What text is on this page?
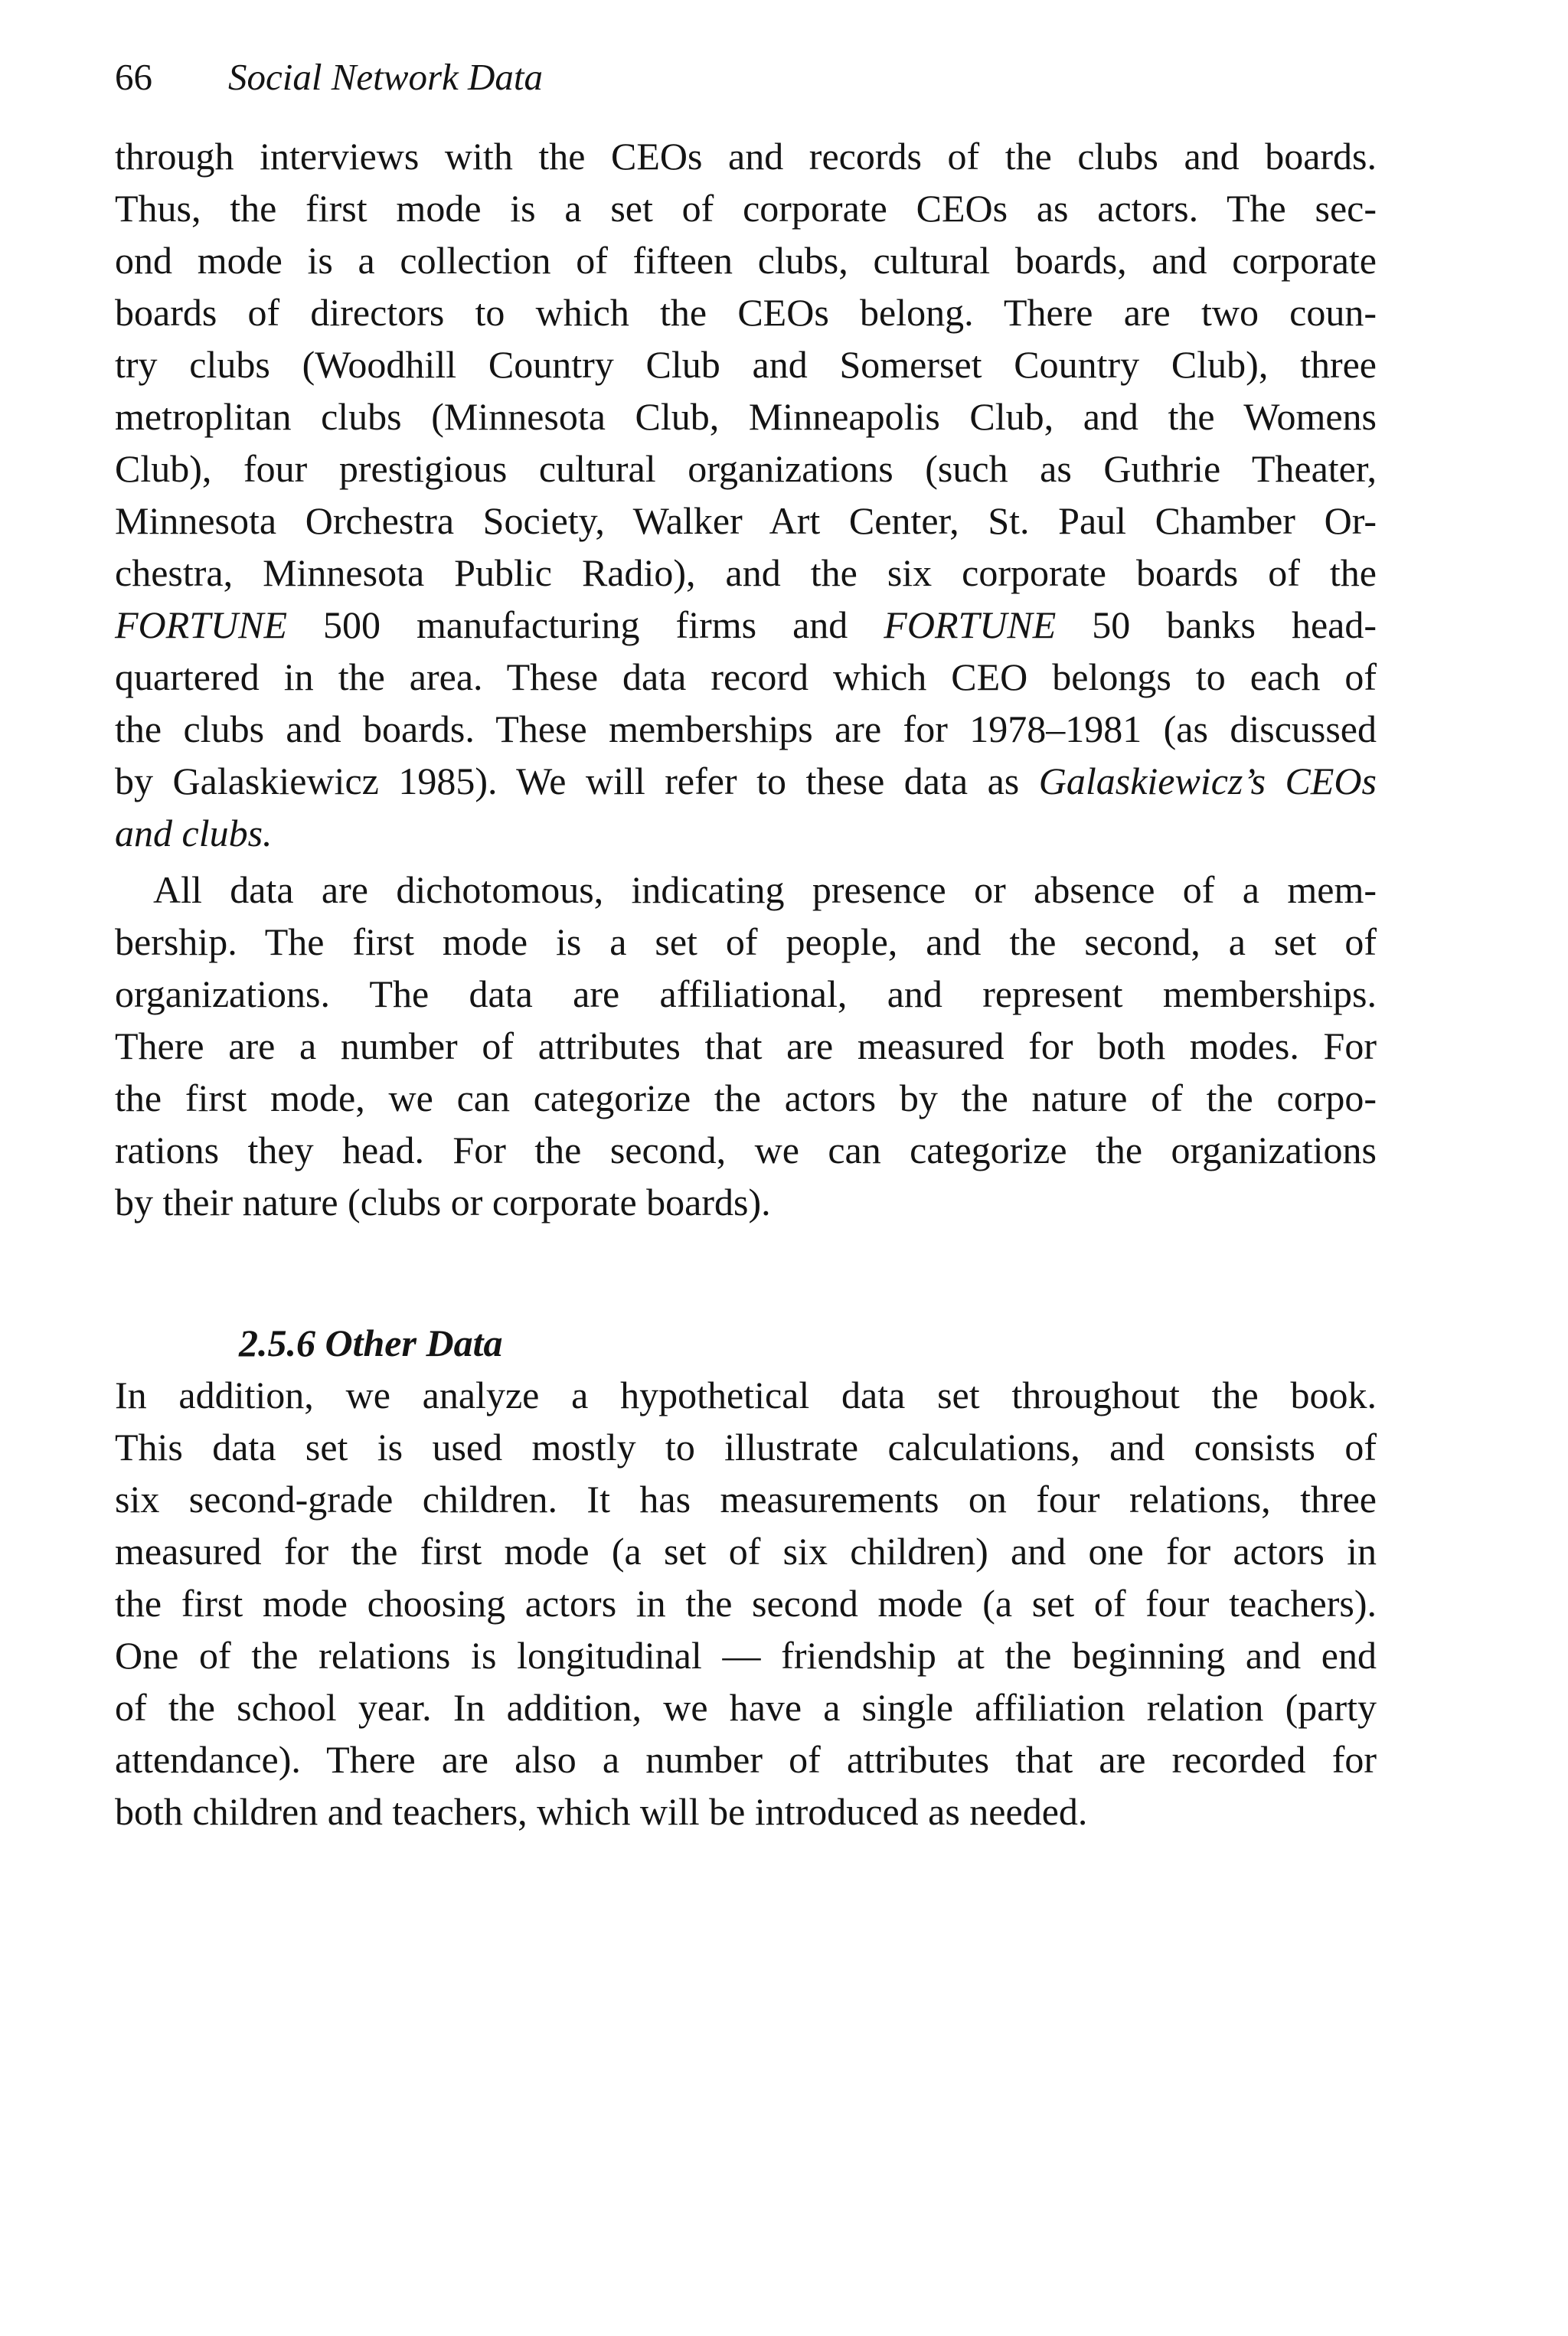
66 Social Network Data
through interviews with the CEOs and records of the clubs and boards.
Thus, the first mode is a set of corporate CEOs as actors. The sec-
ond mode is a collection of fifteen clubs, cultural boards, and corporate
boards of directors to which the CEOs belong. There are two coun-
try clubs (Woodhill Country Club and Somerset Country Club), three
metroplitan clubs (Minnesota Club, Minneapolis Club, and the Womens
Club), four prestigious cultural organizations (such as Guthrie Theater,
Minnesota Orchestra Society, Walker Art Center, St. Paul Chamber Or-
chestra, Minnesota Public Radio), and the six corporate boards of the
FORTUNE 500 manufacturing firms and FORTUNE 50 banks head-
quartered in the area. These data record which CEO belongs to each of
the clubs and boards. These memberships are for 1978–1981 (as discussed
by Galaskiewicz 1985). We will refer to these data as Galaskiewicz’s CEOs
and clubs.
All data are dichotomous, indicating presence or absence of a mem-
bership. The first mode is a set of people, and the second, a set of
organizations. The data are affiliational, and represent memberships.
There are a number of attributes that are measured for both modes. For
the first mode, we can categorize the actors by the nature of the corpo-
rations they head. For the second, we can categorize the organizations
by their nature (clubs or corporate boards).
2.5.6 Other Data
In addition, we analyze a hypothetical data set throughout the book.
This data set is used mostly to illustrate calculations, and consists of
six second-grade children. It has measurements on four relations, three
measured for the first mode (a set of six children) and one for actors in
the first mode choosing actors in the second mode (a set of four teachers).
One of the relations is longitudinal — friendship at the beginning and end
of the school year. In addition, we have a single affiliation relation (party
attendance). There are also a number of attributes that are recorded for
both children and teachers, which will be introduced as needed.
